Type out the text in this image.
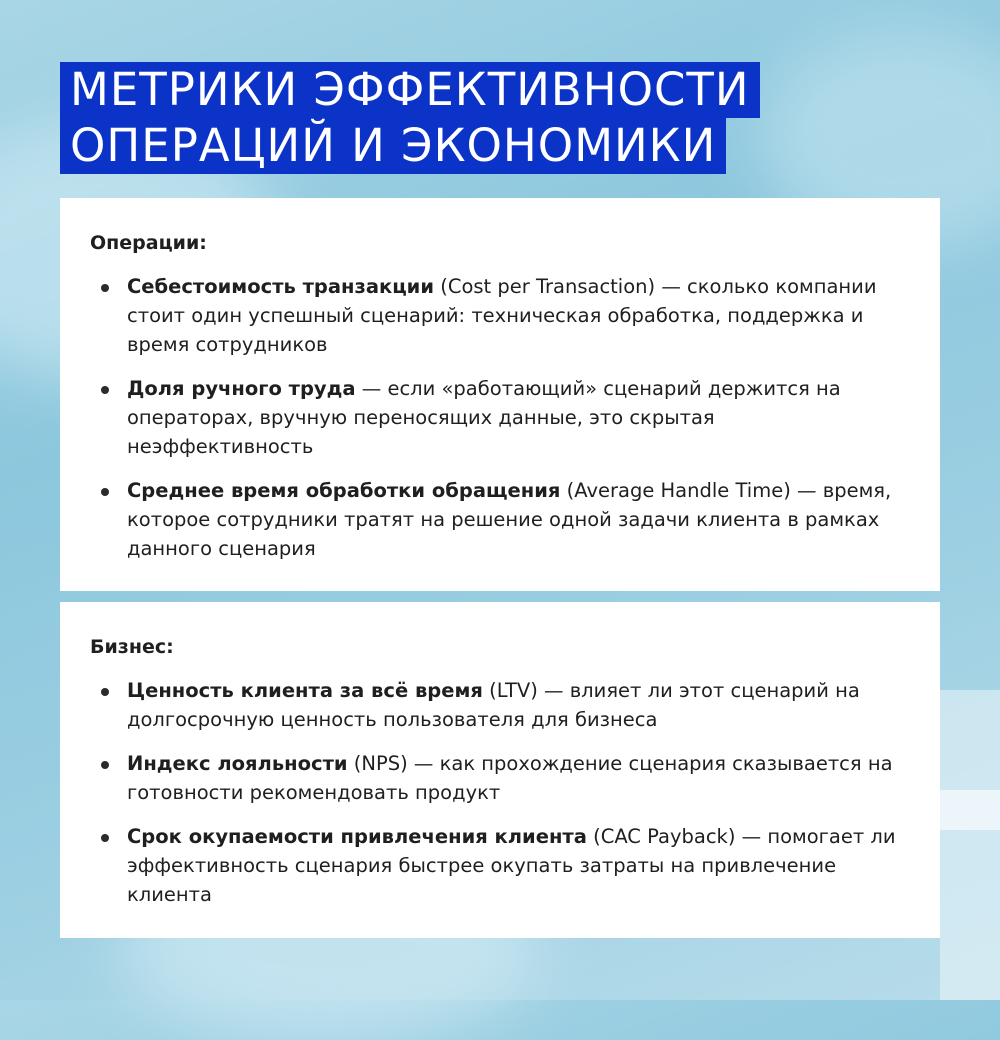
МЕТРИКИ ЭФФЕКТИВНОСТИ
ОПЕРАЦИЙ И ЭКОНОМИКИ
Операции:
Себестоимость транзакции (Cost per Transaction) — сколько компании стоит один успешный сценарий: техническая обработка, поддержка и время сотрудников
Доля ручного труда — если «работающий» сценарий держится на операторах, вручную переносящих данные, это скрытая неэффективность
Среднее время обработки обращения (Average Handle Time) — время, которое сотрудники тратят на решение одной задачи клиента в рамках данного сценария
Бизнес:
Ценность клиента за всё время (LTV) — влияет ли этот сценарий на долгосрочную ценность пользователя для бизнеса
Индекс лояльности (NPS) — как прохождение сценария сказывается на готовности рекомендовать продукт
Срок окупаемости привлечения клиента (CAC Payback) — помогает ли эффективность сценария быстрее окупать затраты на привлечение клиента
